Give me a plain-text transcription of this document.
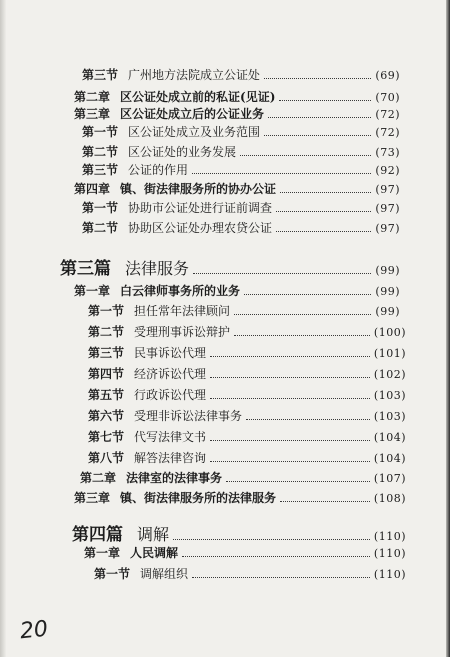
第三节 广州地方法院成立公证处	(69)
第二章 区公证处成立前的私证(见证)	(70)
第三章 区公证处成立后的公证业务	(72)
第一节 区公证处成立及业务范围	(72)
第二节 区公证处的业务发展	(73)
第三节 公证的作用	(92)
第四章 镇、街法律服务所的协办公证	(97)
第一节 协助市公证处进行证前调查	(97)
第二节 协助区公证处办理农贷公证	(97)
第三篇 法律服务	(99)
第一章 白云律师事务所的业务	(99)
第一节 担任常年法律顾问	(99)
第二节 受理刑事诉讼辩护	(100)
第三节 民事诉讼代理	(101)
第四节 经济诉讼代理	(102)
第五节 行政诉讼代理	(103)
第六节 受理非诉讼法律事务	(103)
第七节 代写法律文书	(104)
第八节 解答法律咨询	(104)
第二章 法律室的法律事务	(107)
第三章 镇、街法律服务所的法律服务	(108)
第四篇 调解	(110)
第一章 人民调解	(110)
第一节 调解组织	(110)
20
